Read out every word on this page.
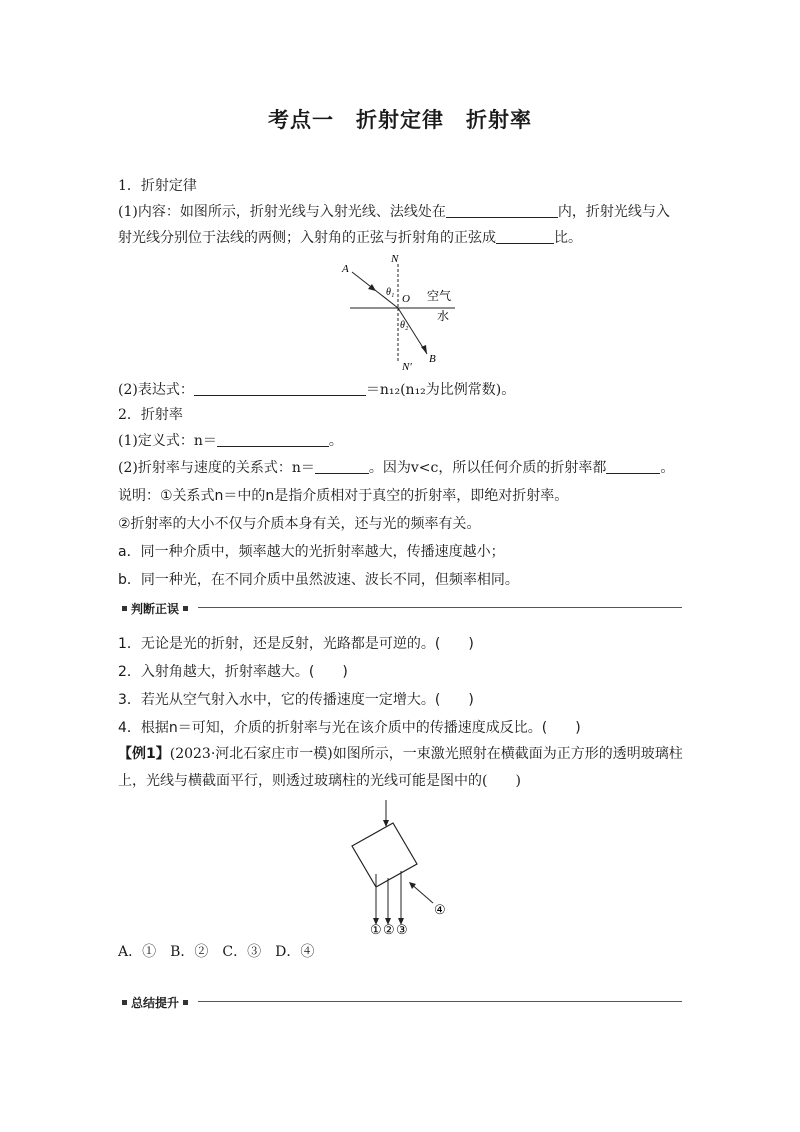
考点一　折射定律　折射率
1．折射定律
(1)内容：如图所示，折射光线与入射光线、法线处在	内，折射光线与入
射光线分别位于法线的两侧；入射角的正弦与折射角的正弦成	比。
A
N
θ₁
O 空气
水
θ₂
B
N′
(2)表达式：	＝n₁₂(n₁₂为比例常数)。
2．折射率
(1)定义式：n＝	。
(2)折射率与速度的关系式：n＝	。因为v<c，所以任何介质的折射率都	。
说明：①关系式n＝中的n是指介质相对于真空的折射率，即绝对折射率。
②折射率的大小不仅与介质本身有关，还与光的频率有关。
a．同一种介质中，频率越大的光折射率越大，传播速度越小；
b．同一种光，在不同介质中虽然波速、波长不同，但频率相同。
判断正误
1．无论是光的折射，还是反射，光路都是可逆的。(　　)
2．入射角越大，折射率越大。(　　)
3．若光从空气射入水中，它的传播速度一定增大。(　　)
4．根据n＝可知，介质的折射率与光在该介质中的传播速度成反比。(　　)
【例1】(2023·河北石家庄市一模)如图所示，一束激光照射在横截面为正方形的透明玻璃柱
上，光线与横截面平行，则透过玻璃柱的光线可能是图中的(　　)
① ② ③
④
A．①　B．②　C．③　D．④
总结提升
